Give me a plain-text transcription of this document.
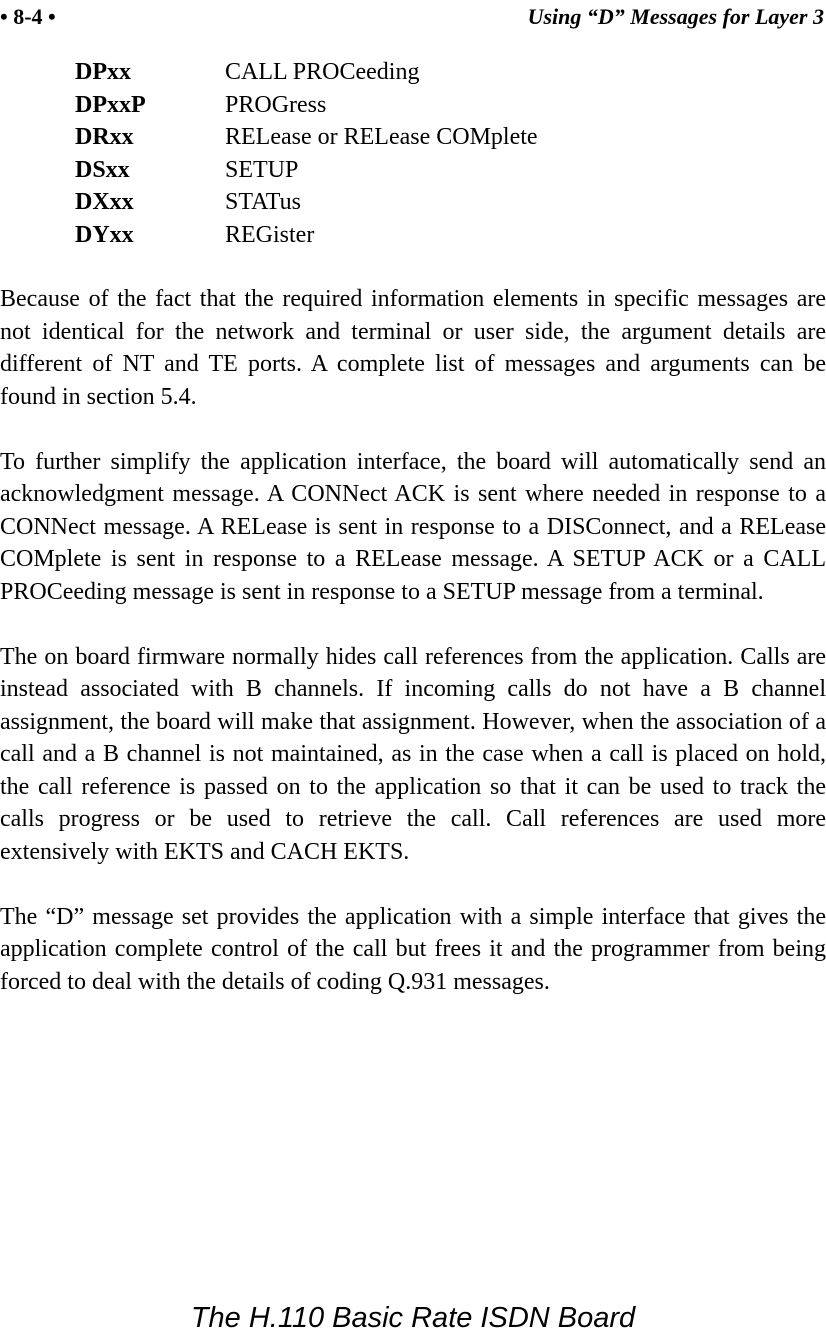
• 8-4 •	Using “D” Messages for Layer 3
DPxx	CALL PROCeeding
DPxxP	PROGress
DRxx	RELease or RELease COMplete
DSxx	SETUP
DXxx	STATus
DYxx	REGister

Because of the fact that the required information elements in specific messages are not identical for the network and terminal or user side, the argument details are different of NT and TE ports. A complete list of messages and arguments can be found in section 5.4.

To further simplify the application interface, the board will automatically send an acknowledgment message. A CONNect ACK is sent where needed in response to a CONNect message. A RELease is sent in response to a DISConnect, and a RELease COMplete is sent in response to a RELease message. A SETUP ACK or a CALL PROCeeding message is sent in response to a SETUP message from a terminal.

The on board firmware normally hides call references from the application. Calls are instead associated with B channels. If incoming calls do not have a B channel assignment, the board will make that assignment. However, when the association of a call and a B channel is not maintained, as in the case when a call is placed on hold, the call reference is passed on to the application so that it can be used to track the calls progress or be used to retrieve the call. Call references are used more extensively with EKTS and CACH EKTS.

The “D” message set provides the application with a simple interface that gives the application complete control of the call but frees it and the programmer from being forced to deal with the details of coding Q.931 messages.

The H.110 Basic Rate ISDN Board
